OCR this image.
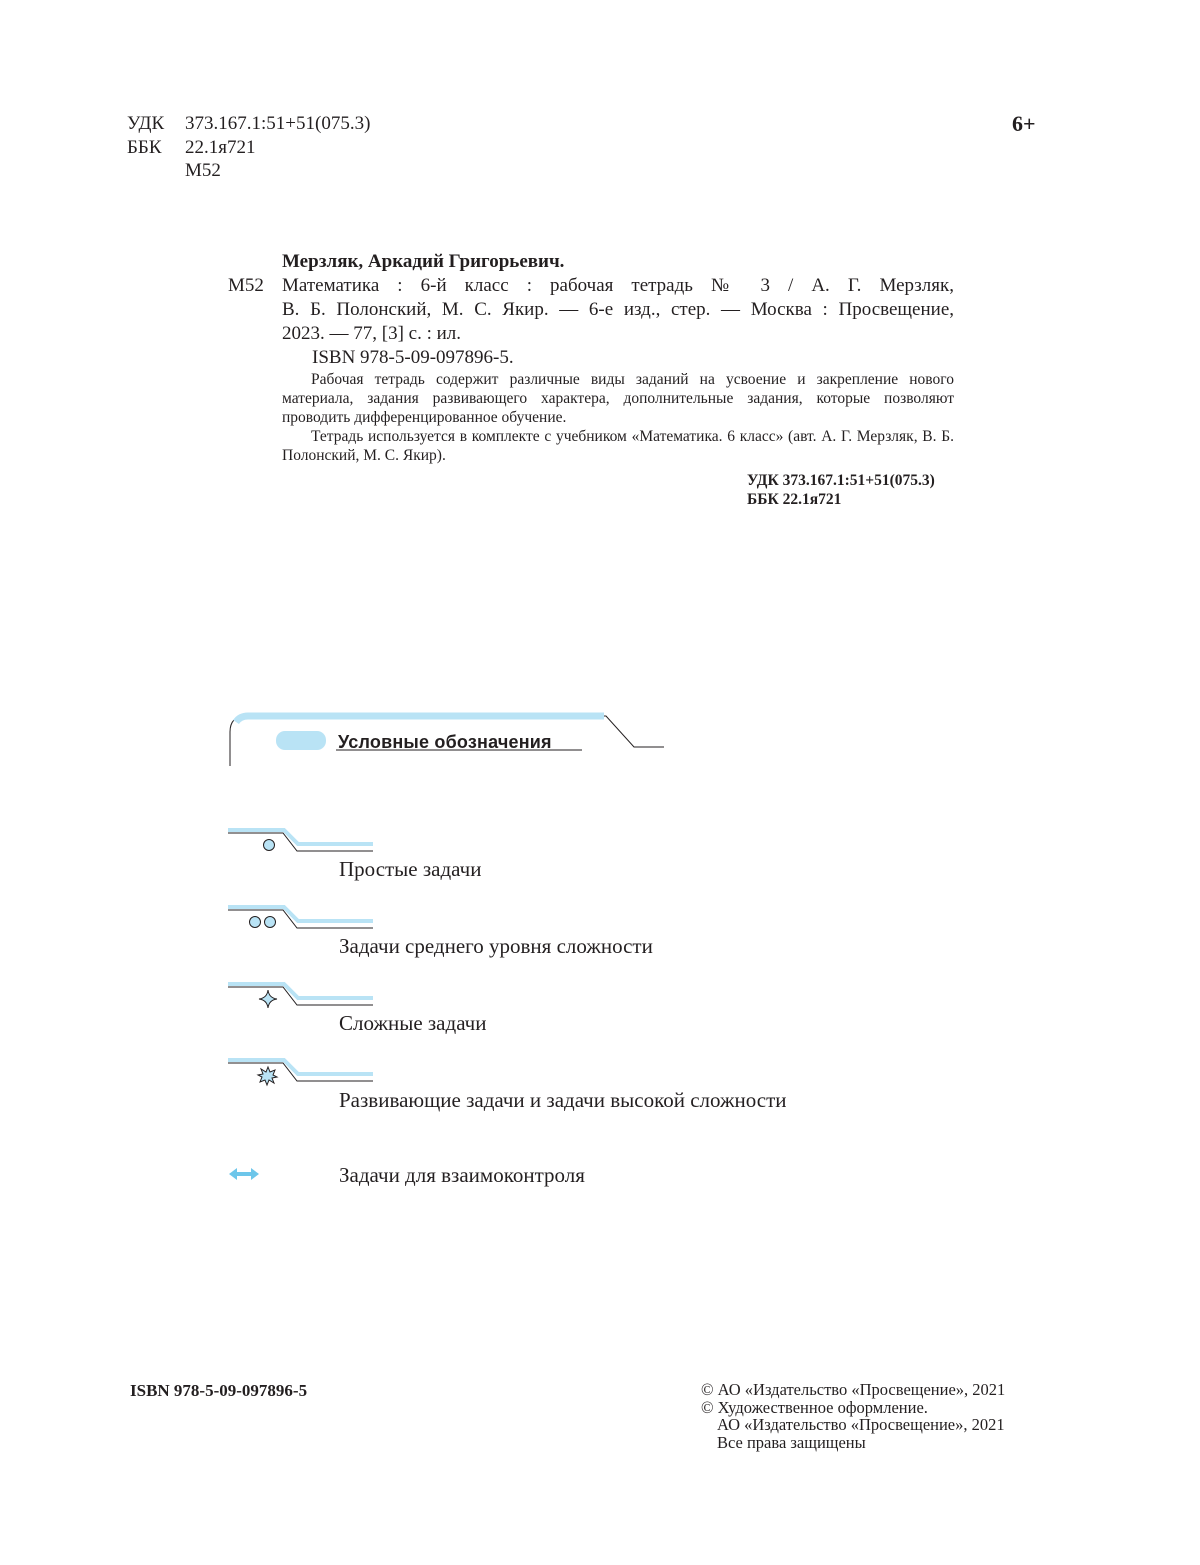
УДК	373.167.1:51+51(075.3)
ББК	22.1я721
М52
6+
Мерзляк, Аркадий Григорьевич.
М52 Математика : 6-й класс : рабочая тетрадь № 3 / А. Г. Мерзляк,
В. Б. Полонский, М. С. Якир. — 6-е изд., стер. — Москва : Просвещение,
2023. — 77, [3] с. : ил.
ISBN 978-5-09-097896-5.

Рабочая тетрадь содержит различные виды заданий на усвоение и закрепление нового материала, задания развивающего характера, дополнительные задания, которые позволяют проводить дифференцированное обучение.

Тетрадь используется в комплекте с учебником «Математика. 6 класс» (авт. А. Г. Мерзляк, В. Б. Полонский, М. С. Якир).

УДК 373.167.1:51+51(075.3)
ББК 22.1я721
Условные обозначения
Простые задачи
Задачи среднего уровня сложности
Сложные задачи
Развивающие задачи и задачи высокой сложности
Задачи для взаимоконтроля
ISBN 978-5-09-097896-5	© АО «Издательство «Просвещение», 2021
© Художественное оформление.
АО «Издательство «Просвещение», 2021
Все права защищены
